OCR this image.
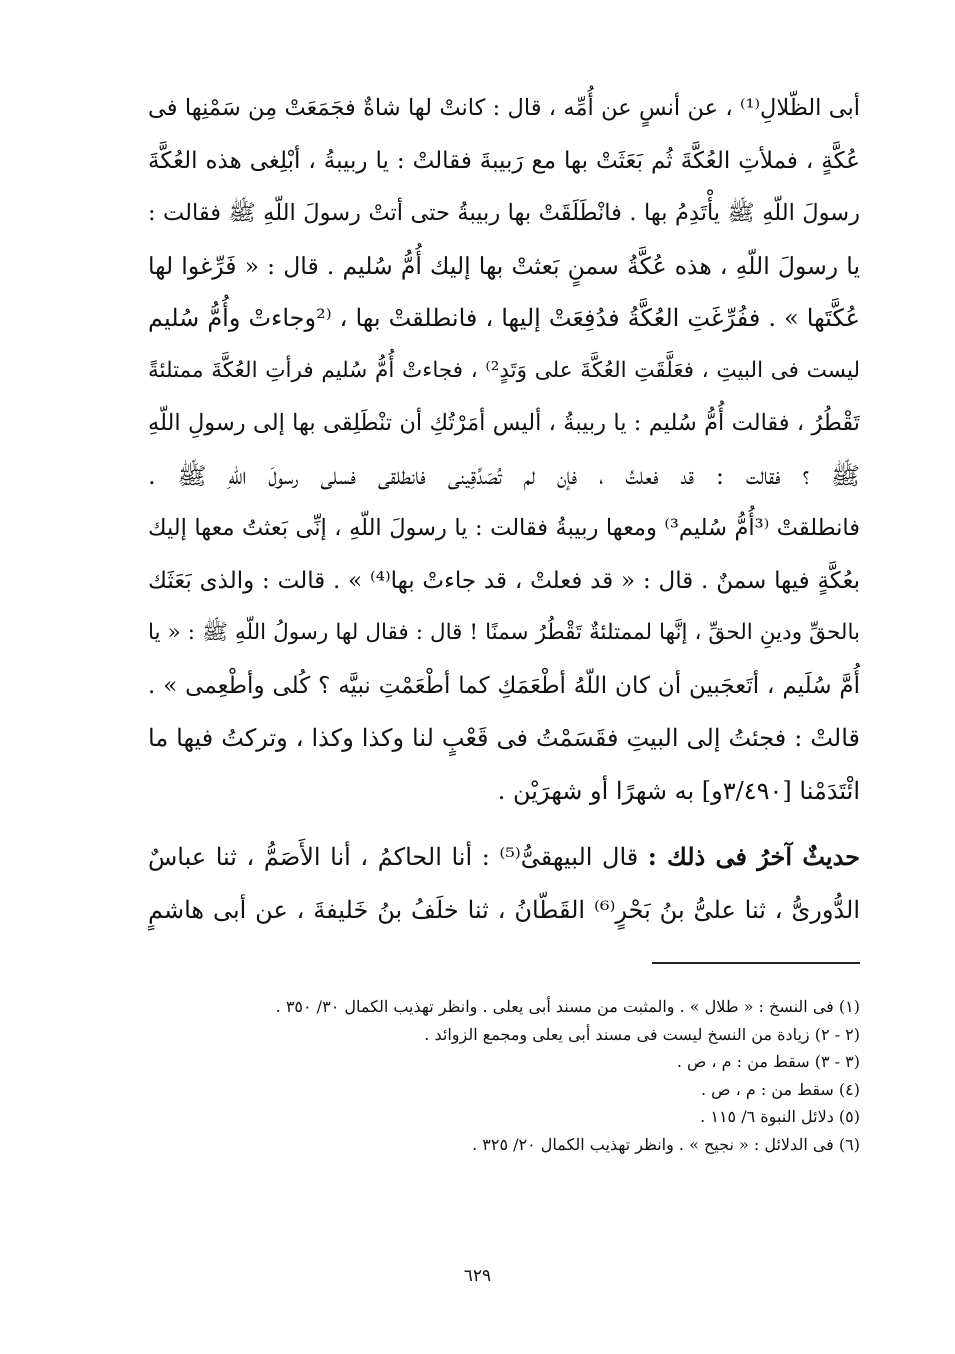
أبى الظّلالِ⁽¹⁾ ، عن أنسٍ عن أُمِّه ، قال : كانتْ لها شاةٌ فجَمَعَتْ مِن سَمْنِها فى
عُكَّةٍ ، فملأتِ العُكَّةَ ثُم بَعَثَتْ بها مع رَبيبةَ فقالتْ : يا ربيبةُ ، أبْلِغى هذه العُكَّةَ
رسولَ اللّهِ ﷺ يأْتَدِمُ بها . فانْطَلَقَتْ بها ربيبةُ حتى أتتْ رسولَ اللّهِ ﷺ فقالت :
يا رسولَ اللّهِ ، هذه عُكَّةُ سمنٍ بَعثتْ بها إليك أُمُّ سُليم . قال : « فَرِّغوا لها
عُكَّتَها » . ففُرِّغَتِ العُكَّةُ فدُفِعَتْ إليها ، فانطلقتْ بها ، ⁽²وجاءتْ وأُمُّ سُليم
ليست فى البيتِ ، فعَلَّقَتِ العُكَّةَ على وَتَدٍ²⁾ ، فجاءتْ أُمُّ سُليم فرأتِ العُكَّةَ ممتلئةً
تَقْطُرُ ، فقالت أُمُّ سُليم : يا ربيبةُ ، أليس أمَرْتُكِ أن تنْطَلِقى بها إلى رسولِ اللّهِ
ﷺ ؟ فقالت : قد فعلتُ ، فإن لم تُصَدِّقِينى فانطلقى فسلى رسولَ اللّهِ ﷺ .
فانطلقتْ ⁽³أُمُّ سُليم³⁾ ومعها ربيبةُ فقالت : يا رسولَ اللّهِ ، إنِّى بَعثتُ معها إليك
بعُكَّةٍ فيها سمنٌ . قال : « قد فعلتْ ، قد جاءتْ بها⁽⁴⁾ » . قالت : والذى بَعَثَك
بالحقِّ ودينِ الحقِّ ، إنَّها لممتلئةٌ تَقْطُرُ سمنًا ! قال : فقال لها رسولُ اللّهِ ﷺ : « يا
أُمَّ سُلَيم ، أتَعجَبين أن كان اللّهُ أطْعَمَكِ كما أطْعَمْتِ نبيَّه ؟ كُلى وأطْعِمى » .
قالتْ : فجئتُ إلى البيتِ فقَسَمْتُ فى قَعْبٍ لنا وكذا وكذا ، وتركتُ فيها ما
ائْتَدَمْنا [٣/٤٩٠و] به شهرًا أو شهرَيْن .
حديثٌ آخرُ فى ذلك : قال البيهقىُّ⁽⁵⁾ : أنا الحاكمُ ، أنا الأَصَمُّ ، ثنا عباسٌ
الدُّورىُّ ، ثنا علىُّ بنُ بَحْرٍ⁽⁶⁾ القَطّانُ ، ثنا خلَفُ بنُ خَليفةَ ، عن أبى هاشمٍ
(١) فى النسخ : « طلال » . والمثبت من مسند أبى يعلى . وانظر تهذيب الكمال ٣٠/ ٣٥٠ .
(٢ - ٢) زيادة من النسخ ليست فى مسند أبى يعلى ومجمع الزوائد .
(٣ - ٣) سقط من : م ، ص .
(٤) سقط من : م ، ص .
(٥) دلائل النبوة ٦/ ١١٥ .
(٦) فى الدلائل : « نجيح » . وانظر تهذيب الكمال ٢٠/ ٣٢٥ .
٦٢٩
